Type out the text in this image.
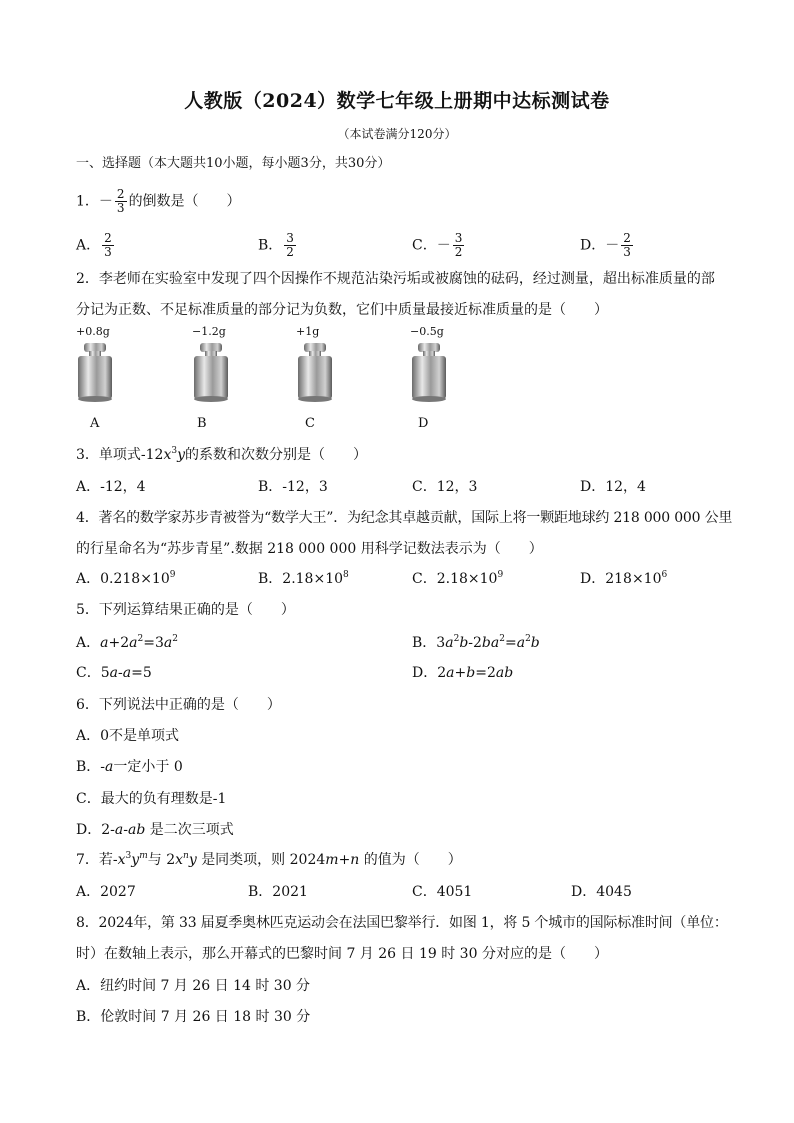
人教版（2024）数学七年级上册期中达标测试卷
（本试卷满分120分）
一、选择题（本大题共10小题，每小题3分，共30分）
1．－ $\frac{2}{3}$ 的倒数是（　　）
A． $\frac{2}{3}$	B． $\frac{3}{2}$	C．－ $\frac{3}{2}$	D．－ $\frac{2}{3}$
2．李老师在实验室中发现了四个因操作不规范沾染污垢或被腐蚀的砝码，经过测量，超出标准质量的部
分记为正数、不足标准质量的部分记为负数，它们中质量最接近标准质量的是（　　）
+0.8g	−1.2g	+1g	−0.5g
A	B	C	D
3．单项式$-12x^3y$的系数和次数分别是（　　）
A．-12，4	B．-12，3	C．12，3	D．12，4
4．著名的数学家苏步青被誉为“数学大王”．为纪念其卓越贡献，国际上将一颗距地球约 218 000 000 公里
的行星命名为“苏步青星”.数据 218 000 000 用科学记数法表示为（　　）
A．$0.218\times 10^9$	B．$2.18\times 10^8$	C．$2.18\times 10^9$	D．$218\times 10^6$
5．下列运算结果正确的是（　　）
A．$a+2a^2=3a^2$	B．$3a^2b-2ba^2=a^2b$
C．5a-a=5	D．2a+b=2ab
6．下列说法中正确的是（　　）
A．0不是单项式
B．-a一定小于 0
C．最大的负有理数是-1
D．2-a-ab 是二次三项式
7．若$-x^3y^m$与 $2x^ny$ 是同类项，则 2024m+n 的值为（　　）
A．2027	B．2021	C．4051	D．4045
8．2024年，第 33 届夏季奥林匹克运动会在法国巴黎举行．如图 1，将 5 个城市的国际标准时间（单位：
时）在数轴上表示，那么开幕式的巴黎时间 7 月 26 日 19 时 30 分对应的是（　　）
A．纽约时间 7 月 26 日 14 时 30 分
B．伦敦时间 7 月 26 日 18 时 30 分
